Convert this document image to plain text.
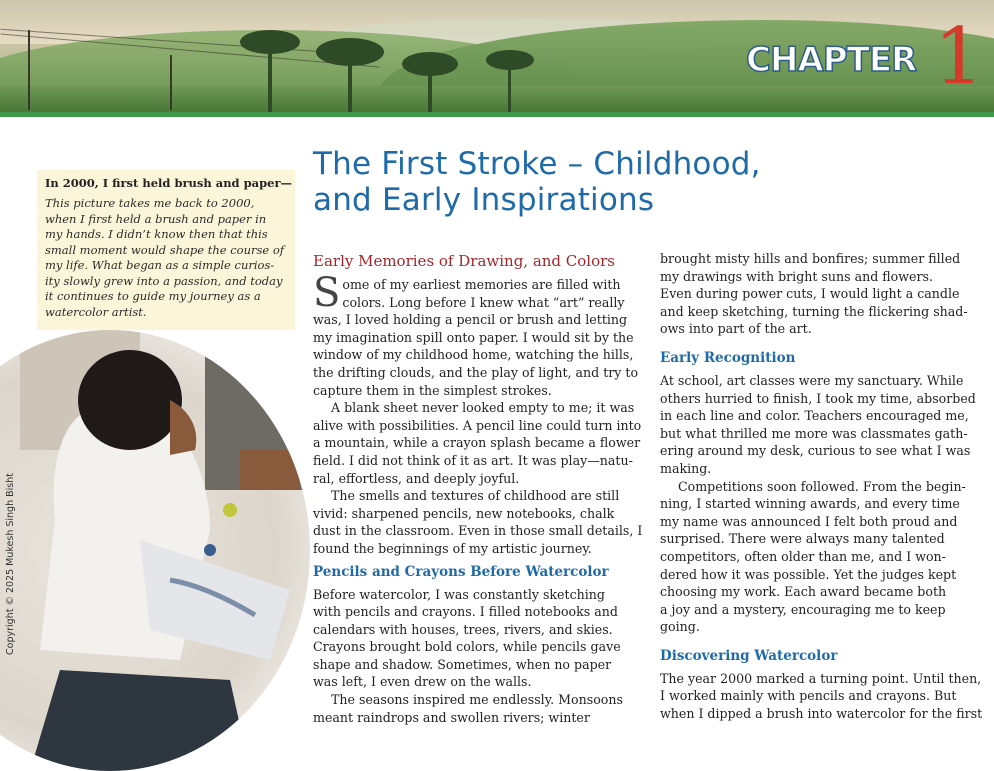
CHAPTER 1
In 2000, I first held brush and paper—
This picture takes me back to 2000,
when I first held a brush and paper in
my hands. I didn’t know then that this
small moment would shape the course of
my life. What began as a simple curios-
ity slowly grew into a passion, and today
it continues to guide my journey as a
watercolor artist.
Copyright © 2025 Mukesh Singh Bisht
The First Stroke – Childhood,
and Early Inspirations
Early Memories of Drawing, and Colors
S ome of my earliest memories are filled with
colors. Long before I knew what “art” really
was, I loved holding a pencil or brush and letting
my imagination spill onto paper. I would sit by the
window of my childhood home, watching the hills,
the drifting clouds, and the play of light, and try to
capture them in the simplest strokes.
A blank sheet never looked empty to me; it was
alive with possibilities. A pencil line could turn into
a mountain, while a crayon splash became a flower
field. I did not think of it as art. It was play—natu-
ral, effortless, and deeply joyful.
The smells and textures of childhood are still
vivid: sharpened pencils, new notebooks, chalk
dust in the classroom. Even in those small details, I
found the beginnings of my artistic journey.
Pencils and Crayons Before Watercolor
Before watercolor, I was constantly sketching
with pencils and crayons. I filled notebooks and
calendars with houses, trees, rivers, and skies.
Crayons brought bold colors, while pencils gave
shape and shadow. Sometimes, when no paper
was left, I even drew on the walls.
The seasons inspired me endlessly. Monsoons
meant raindrops and swollen rivers; winter
brought misty hills and bonfires; summer filled
my drawings with bright suns and flowers.
Even during power cuts, I would light a candle
and keep sketching, turning the flickering shad-
ows into part of the art.
Early Recognition
At school, art classes were my sanctuary. While
others hurried to finish, I took my time, absorbed
in each line and color. Teachers encouraged me,
but what thrilled me more was classmates gath-
ering around my desk, curious to see what I was
making.
Competitions soon followed. From the begin-
ning, I started winning awards, and every time
my name was announced I felt both proud and
surprised. There were always many talented
competitors, often older than me, and I won-
dered how it was possible. Yet the judges kept
choosing my work. Each award became both
a joy and a mystery, encouraging me to keep
going.
Discovering Watercolor
The year 2000 marked a turning point. Until then,
I worked mainly with pencils and crayons. But
when I dipped a brush into watercolor for the first
